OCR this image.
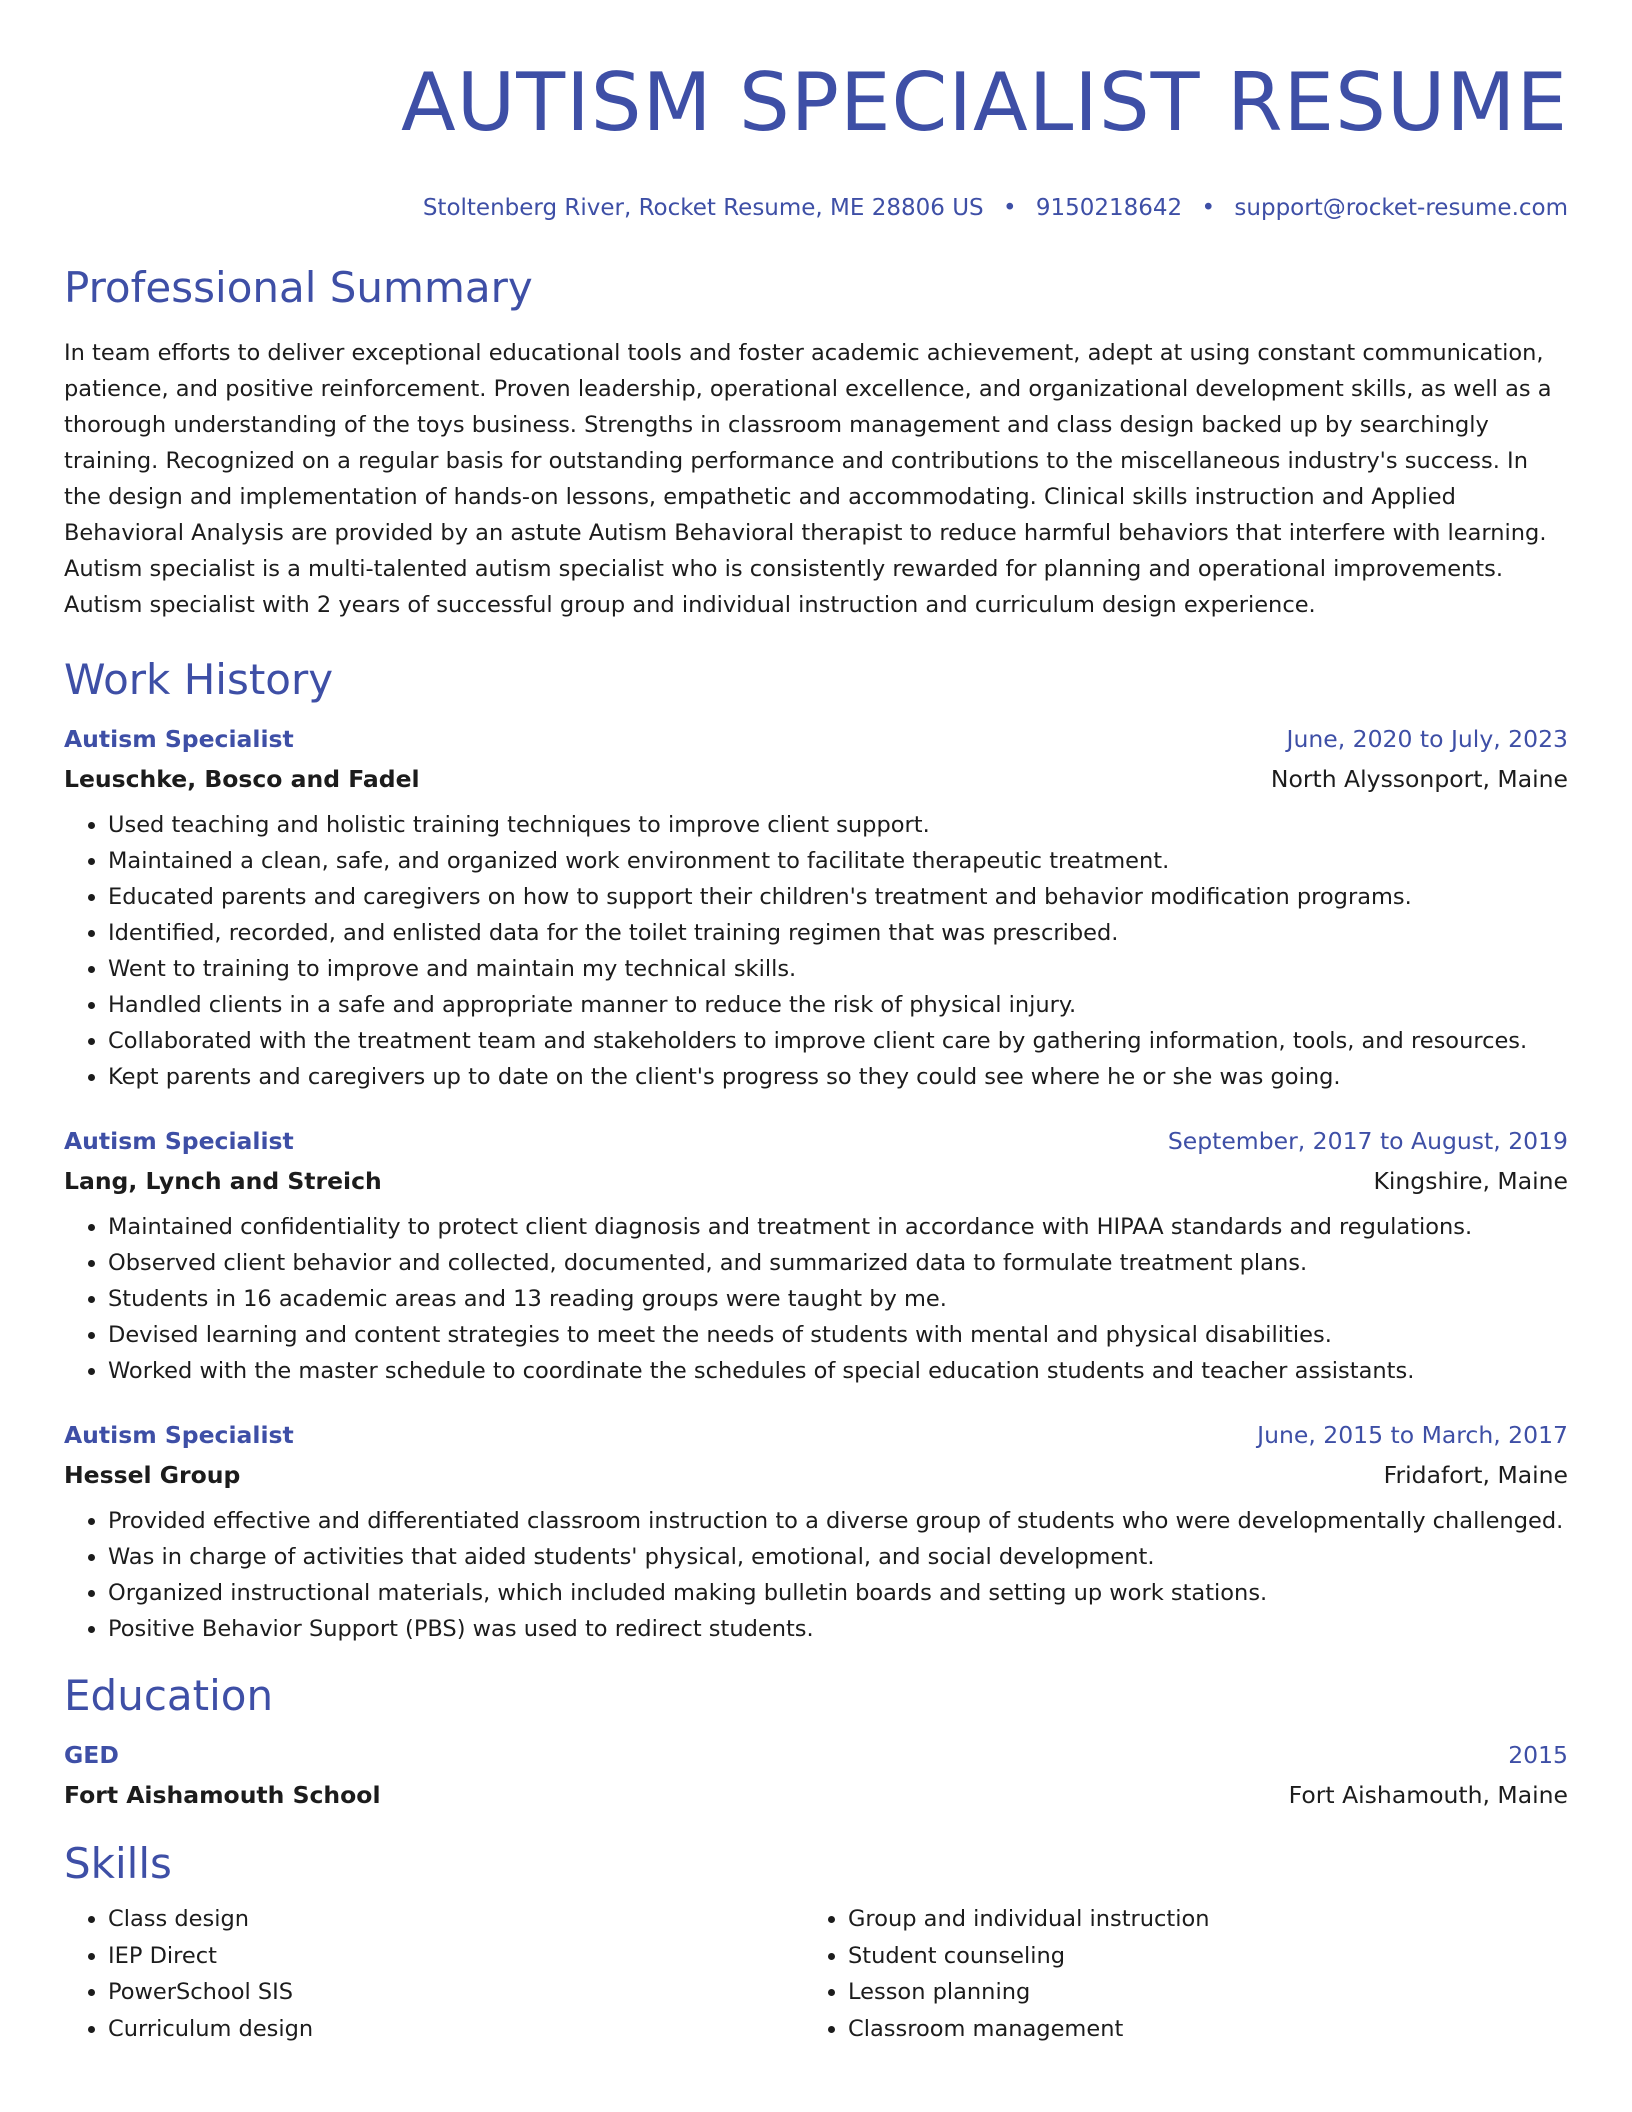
AUTISM SPECIALIST RESUME
Stoltenberg River, Rocket Resume, ME 28806 US • 9150218642 • support@rocket-resume.com
Professional Summary

In team efforts to deliver exceptional educational tools and foster academic achievement, adept at using constant communication, patience, and positive reinforcement. Proven leadership, operational excellence, and organizational development skills, as well as a thorough understanding of the toys business. Strengths in classroom management and class design backed up by searchingly training. Recognized on a regular basis for outstanding performance and contributions to the miscellaneous industry's success. In the design and implementation of hands-on lessons, empathetic and accommodating. Clinical skills instruction and Applied Behavioral Analysis are provided by an astute Autism Behavioral therapist to reduce harmful behaviors that interfere with learning. Autism specialist is a multi-talented autism specialist who is consistently rewarded for planning and operational improvements. Autism specialist with 2 years of successful group and individual instruction and curriculum design experience.

Work History
Autism Specialist	June, 2020 to July, 2023
Leuschke, Bosco and Fadel	North Alyssonport, Maine
• Used teaching and holistic training techniques to improve client support.
• Maintained a clean, safe, and organized work environment to facilitate therapeutic treatment.
• Educated parents and caregivers on how to support their children's treatment and behavior modification programs.
• Identified, recorded, and enlisted data for the toilet training regimen that was prescribed.
• Went to training to improve and maintain my technical skills.
• Handled clients in a safe and appropriate manner to reduce the risk of physical injury.
• Collaborated with the treatment team and stakeholders to improve client care by gathering information, tools, and resources.
• Kept parents and caregivers up to date on the client's progress so they could see where he or she was going.
Autism Specialist	September, 2017 to August, 2019
Lang, Lynch and Streich	Kingshire, Maine
• Maintained confidentiality to protect client diagnosis and treatment in accordance with HIPAA standards and regulations.
• Observed client behavior and collected, documented, and summarized data to formulate treatment plans.
• Students in 16 academic areas and 13 reading groups were taught by me.
• Devised learning and content strategies to meet the needs of students with mental and physical disabilities.
• Worked with the master schedule to coordinate the schedules of special education students and teacher assistants.
Autism Specialist	June, 2015 to March, 2017
Hessel Group	Fridafort, Maine
• Provided effective and differentiated classroom instruction to a diverse group of students who were developmentally challenged.
• Was in charge of activities that aided students' physical, emotional, and social development.
• Organized instructional materials, which included making bulletin boards and setting up work stations.
• Positive Behavior Support (PBS) was used to redirect students.
Education
GED	2015
Fort Aishamouth School	Fort Aishamouth, Maine
Skills
• Class design
• IEP Direct
• PowerSchool SIS
• Curriculum design
• Group and individual instruction
• Student counseling
• Lesson planning
• Classroom management
